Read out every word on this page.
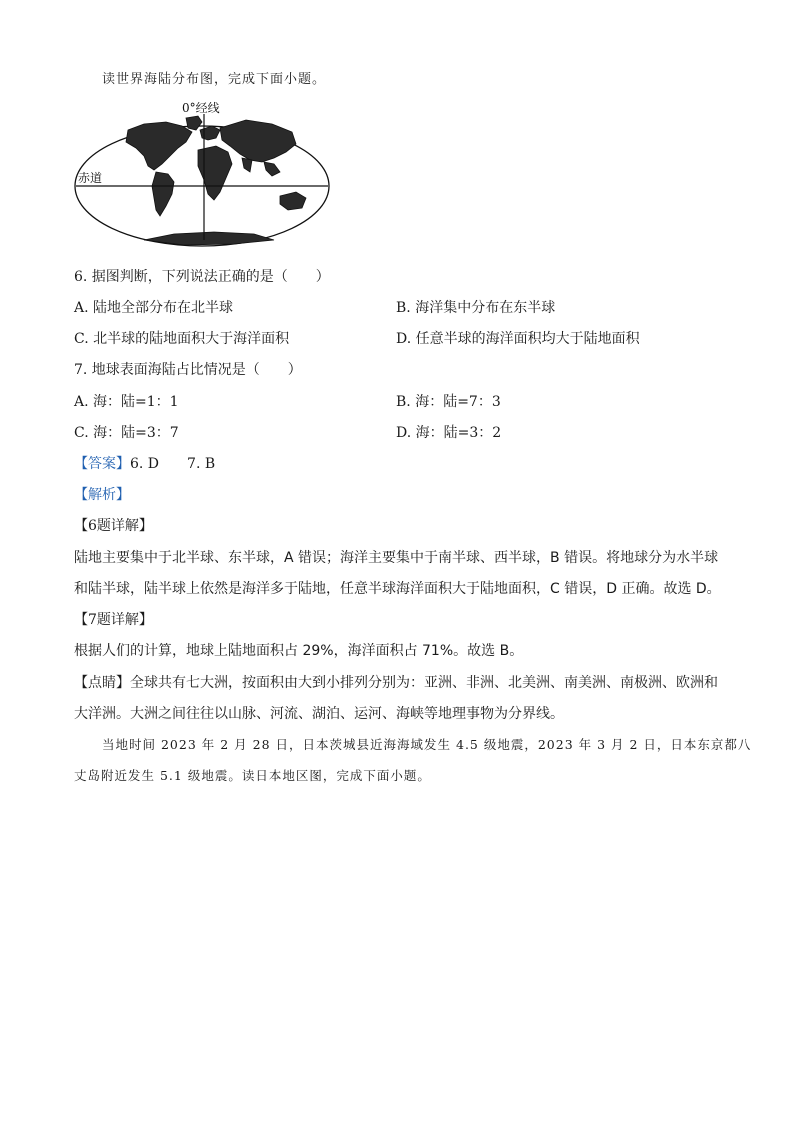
读世界海陆分布图，完成下面小题。
0°经线
赤道
6. 据图判断，下列说法正确的是（　　）
A. 陆地全部分布在北半球	B. 海洋集中分布在东半球
C. 北半球的陆地面积大于海洋面积	D. 任意半球的海洋面积均大于陆地面积
7. 地球表面海陆占比情况是（　　）
A. 海：陆=1：1	B. 海：陆=7：3
C. 海：陆=3：7	D. 海：陆=3：2
【答案】6. D　　7. B
【解析】
【6题详解】
陆地主要集中于北半球、东半球，A 错误；海洋主要集中于南半球、西半球，B 错误。将地球分为水半球
和陆半球，陆半球上依然是海洋多于陆地，任意半球海洋面积大于陆地面积，C 错误，D 正确。故选 D。
【7题详解】
根据人们的计算，地球上陆地面积占 29%，海洋面积占 71%。故选 B。
【点睛】全球共有七大洲，按面积由大到小排列分别为：亚洲、非洲、北美洲、南美洲、南极洲、欧洲和
大洋洲。大洲之间往往以山脉、河流、湖泊、运河、海峡等地理事物为分界线。
当地时间 2023 年 2 月 28 日，日本茨城县近海海域发生 4.5 级地震，2023 年 3 月 2 日，日本东京都八
丈岛附近发生 5.1 级地震。读日本地区图，完成下面小题。
